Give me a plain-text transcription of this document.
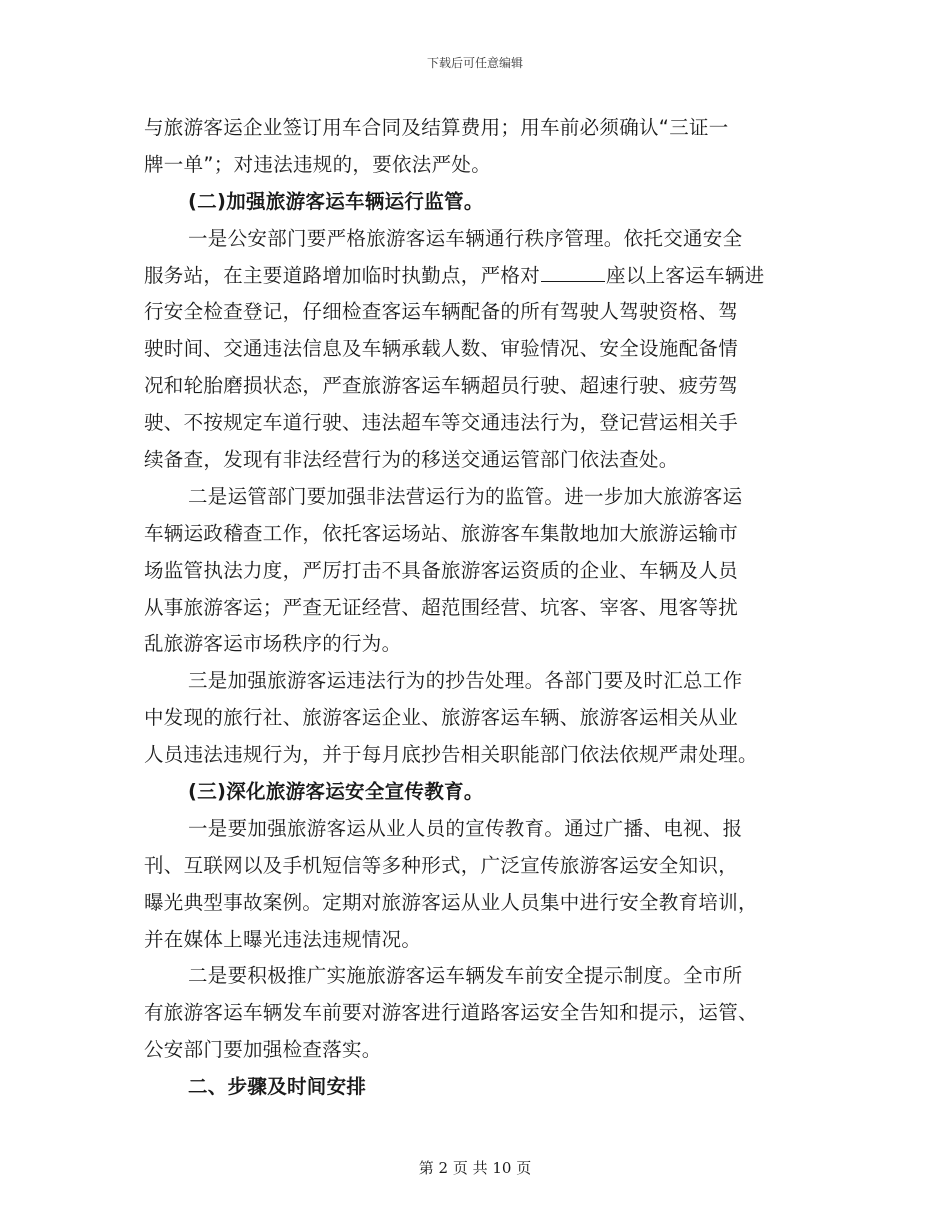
下载后可任意编辑
与旅游客运企业签订用车合同及结算费用；用车前必须确认“三证一
牌一单”；对违法违规的，要依法严处。
(二)加强旅游客运车辆运行监管。
一是公安部门要严格旅游客运车辆通行秩序管理。依托交通安全
服务站，在主要道路增加临时执勤点，严格对	座以上客运车辆进
行安全检查登记，仔细检查客运车辆配备的所有驾驶人驾驶资格、驾
驶时间、交通违法信息及车辆承载人数、审验情况、安全设施配备情
况和轮胎磨损状态，严查旅游客运车辆超员行驶、超速行驶、疲劳驾
驶、不按规定车道行驶、违法超车等交通违法行为，登记营运相关手
续备查，发现有非法经营行为的移送交通运管部门依法查处。
二是运管部门要加强非法营运行为的监管。进一步加大旅游客运
车辆运政稽查工作，依托客运场站、旅游客车集散地加大旅游运输市
场监管执法力度，严厉打击不具备旅游客运资质的企业、车辆及人员
从事旅游客运；严查无证经营、超范围经营、坑客、宰客、甩客等扰
乱旅游客运市场秩序的行为。
三是加强旅游客运违法行为的抄告处理。各部门要及时汇总工作
中发现的旅行社、旅游客运企业、旅游客运车辆、旅游客运相关从业
人员违法违规行为，并于每月底抄告相关职能部门依法依规严肃处理。
(三)深化旅游客运安全宣传教育。
一是要加强旅游客运从业人员的宣传教育。通过广播、电视、报
刊、互联网以及手机短信等多种形式，广泛宣传旅游客运安全知识，
曝光典型事故案例。定期对旅游客运从业人员集中进行安全教育培训，
并在媒体上曝光违法违规情况。
二是要积极推广实施旅游客运车辆发车前安全提示制度。全市所
有旅游客运车辆发车前要对游客进行道路客运安全告知和提示，运管、
公安部门要加强检查落实。
二、步骤及时间安排
第 2 页 共 10 页
